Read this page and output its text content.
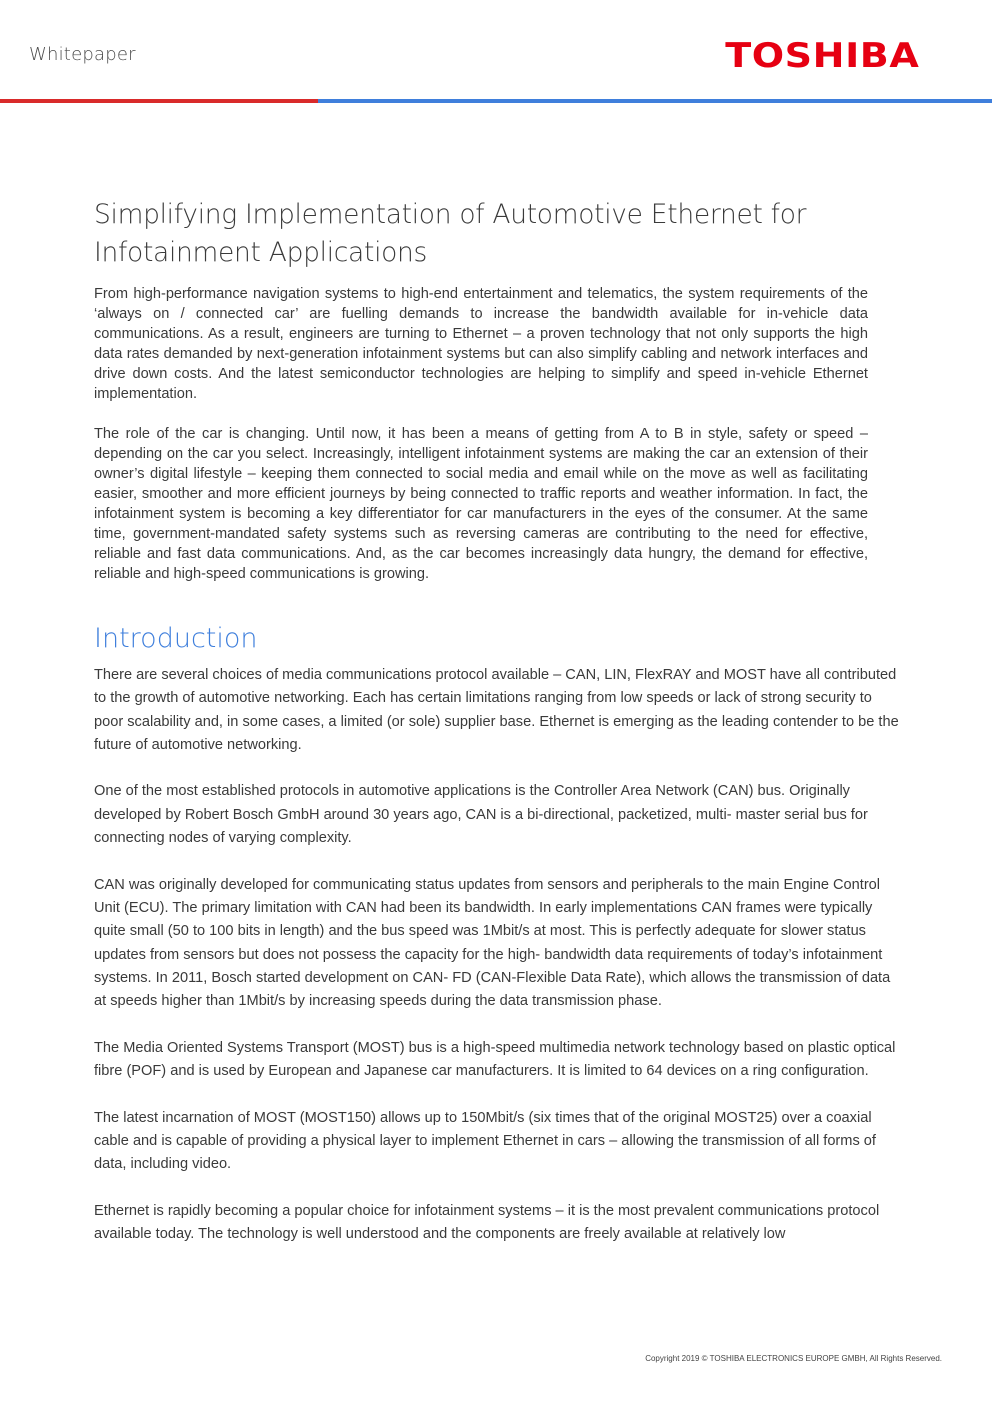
Whitepaper	TOSHIBA
Simplifying Implementation of Automotive Ethernet for Infotainment Applications

From high-performance navigation systems to high-end entertainment and telematics, the system requirements of the ‘always on / connected car’ are fuelling demands to increase the bandwidth available for in-vehicle data communications. As a result, engineers are turning to Ethernet – a proven technology that not only supports the high data rates demanded by next-generation infotainment systems but can also simplify cabling and network interfaces and drive down costs. And the latest semiconductor technologies are helping to simplify and speed in-vehicle Ethernet implementation.

The role of the car is changing. Until now, it has been a means of getting from A to B in style, safety or speed – depending on the car you select. Increasingly, intelligent infotainment systems are making the car an extension of their owner’s digital lifestyle – keeping them connected to social media and email while on the move as well as facilitating easier, smoother and more efficient journeys by being connected to traffic reports and weather information. In fact, the infotainment system is becoming a key differentiator for car manufacturers in the eyes of the consumer. At the same time, government-mandated safety systems such as reversing cameras are contributing to the need for effective, reliable and fast data communications. And, as the car becomes increasingly data hungry, the demand for effective, reliable and high-speed communications is growing.

Introduction

There are several choices of media communications protocol available – CAN, LIN, FlexRAY and MOST have all contributed to the growth of automotive networking. Each has certain limitations ranging from low speeds or lack of strong security to poor scalability and, in some cases, a limited (or sole) supplier base. Ethernet is emerging as the leading contender to be the future of automotive networking.

One of the most established protocols in automotive applications is the Controller Area Network (CAN) bus. Originally developed by Robert Bosch GmbH around 30 years ago, CAN is a bi-directional, packetized, multi- master serial bus for connecting nodes of varying complexity.

CAN was originally developed for communicating status updates from sensors and peripherals to the main Engine Control Unit (ECU). The primary limitation with CAN had been its bandwidth. In early implementations CAN frames were typically quite small (50 to 100 bits in length) and the bus speed was 1Mbit/s at most. This is perfectly adequate for slower status updates from sensors but does not possess the capacity for the high- bandwidth data requirements of today’s infotainment systems. In 2011, Bosch started development on CAN- FD (CAN-Flexible Data Rate), which allows the transmission of data at speeds higher than 1Mbit/s by increasing speeds during the data transmission phase.

The Media Oriented Systems Transport (MOST) bus is a high-speed multimedia network technology based on plastic optical fibre (POF) and is used by European and Japanese car manufacturers. It is limited to 64 devices on a ring configuration.

The latest incarnation of MOST (MOST150) allows up to 150Mbit/s (six times that of the original MOST25) over a coaxial cable and is capable of providing a physical layer to implement Ethernet in cars – allowing the transmission of all forms of data, including video.

Ethernet is rapidly becoming a popular choice for infotainment systems – it is the most prevalent communications protocol available today. The technology is well understood and the components are freely available at relatively low

Copyright 2019 © TOSHIBA ELECTRONICS EUROPE GMBH, All Rights Reserved.
